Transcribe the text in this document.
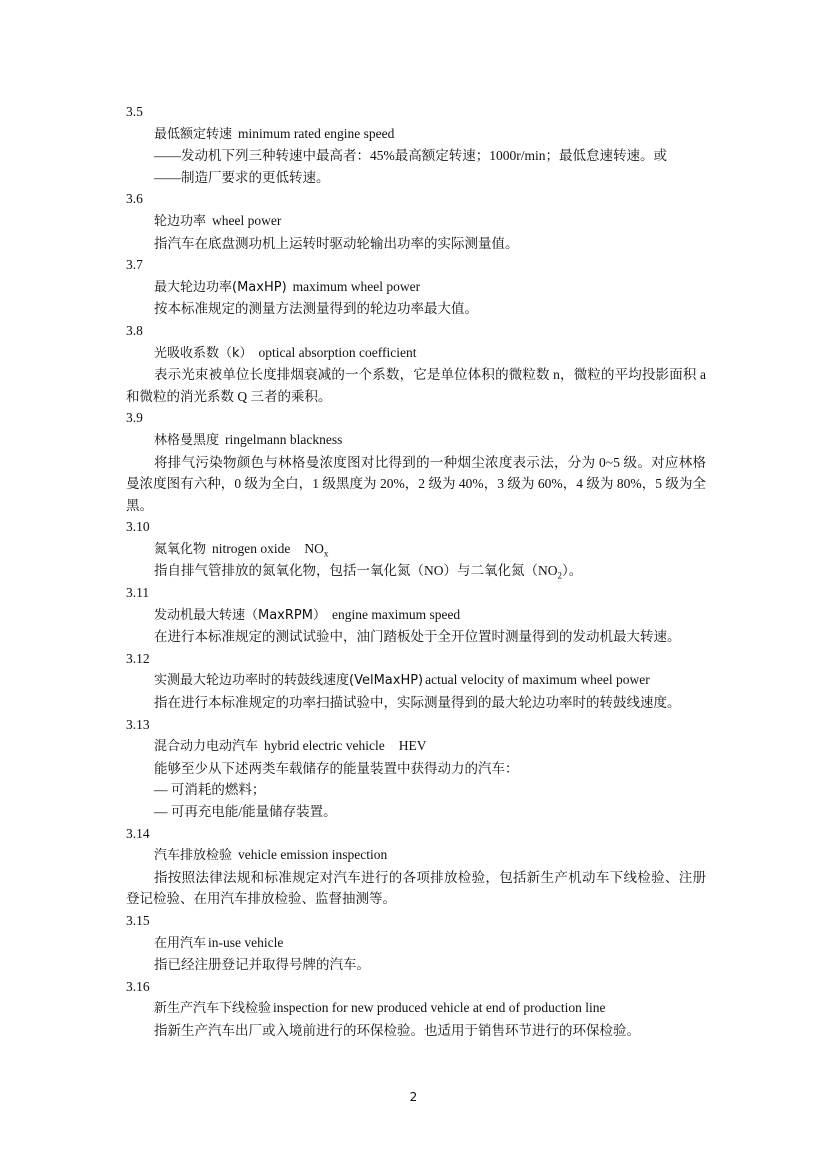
3.5
最低额定转速 minimum rated engine speed
——发动机下列三种转速中最高者：45%最高额定转速；1000r/min；最低怠速转速。或
——制造厂要求的更低转速。
3.6
轮边功率 wheel power
指汽车在底盘测功机上运转时驱动轮输出功率的实际测量值。
3.7
最大轮边功率(MaxHP) maximum wheel power
按本标准规定的测量方法测量得到的轮边功率最大值。
3.8
光吸收系数（k） optical absorption coefficient
表示光束被单位长度排烟衰减的一个系数，它是单位体积的微粒数 n，微粒的平均投影面积 a 和微粒的消光系数 Q 三者的乘积。
3.9
林格曼黑度 ringelmann blackness
将排气污染物颜色与林格曼浓度图对比得到的一种烟尘浓度表示法，分为 0~5 级。对应林格曼浓度图有六种，0 级为全白，1 级黑度为 20%，2 级为 40%，3 级为 60%，4 级为 80%，5 级为全黑。
3.10
氮氧化物 nitrogen oxide $NO_x$
指自排气管排放的氮氧化物，包括一氧化氮（NO）与二氧化氮$(NO_2)$。
3.11
发动机最大转速（MaxRPM） engine maximum speed
在进行本标准规定的测试试验中，油门踏板处于全开位置时测量得到的发动机最大转速。
3.12
实测最大轮边功率时的转鼓线速度(VelMaxHP) actual velocity of maximum wheel power
指在进行本标准规定的功率扫描试验中，实际测量得到的最大轮边功率时的转鼓线速度。
3.13
混合动力电动汽车 hybrid electric vehicle HEV
能够至少从下述两类车载储存的能量装置中获得动力的汽车：
— 可消耗的燃料；
— 可再充电能/能量储存装置。
3.14
汽车排放检验 vehicle emission inspection
指按照法律法规和标准规定对汽车进行的各项排放检验，包括新生产机动车下线检验、注册登记检验、在用汽车排放检验、监督抽测等。
3.15
在用汽车 in-use vehicle
指已经注册登记并取得号牌的汽车。
3.16
新生产汽车下线检验 inspection for new produced vehicle at end of production line
指新生产汽车出厂或入境前进行的环保检验。也适用于销售环节进行的环保检验。
2
